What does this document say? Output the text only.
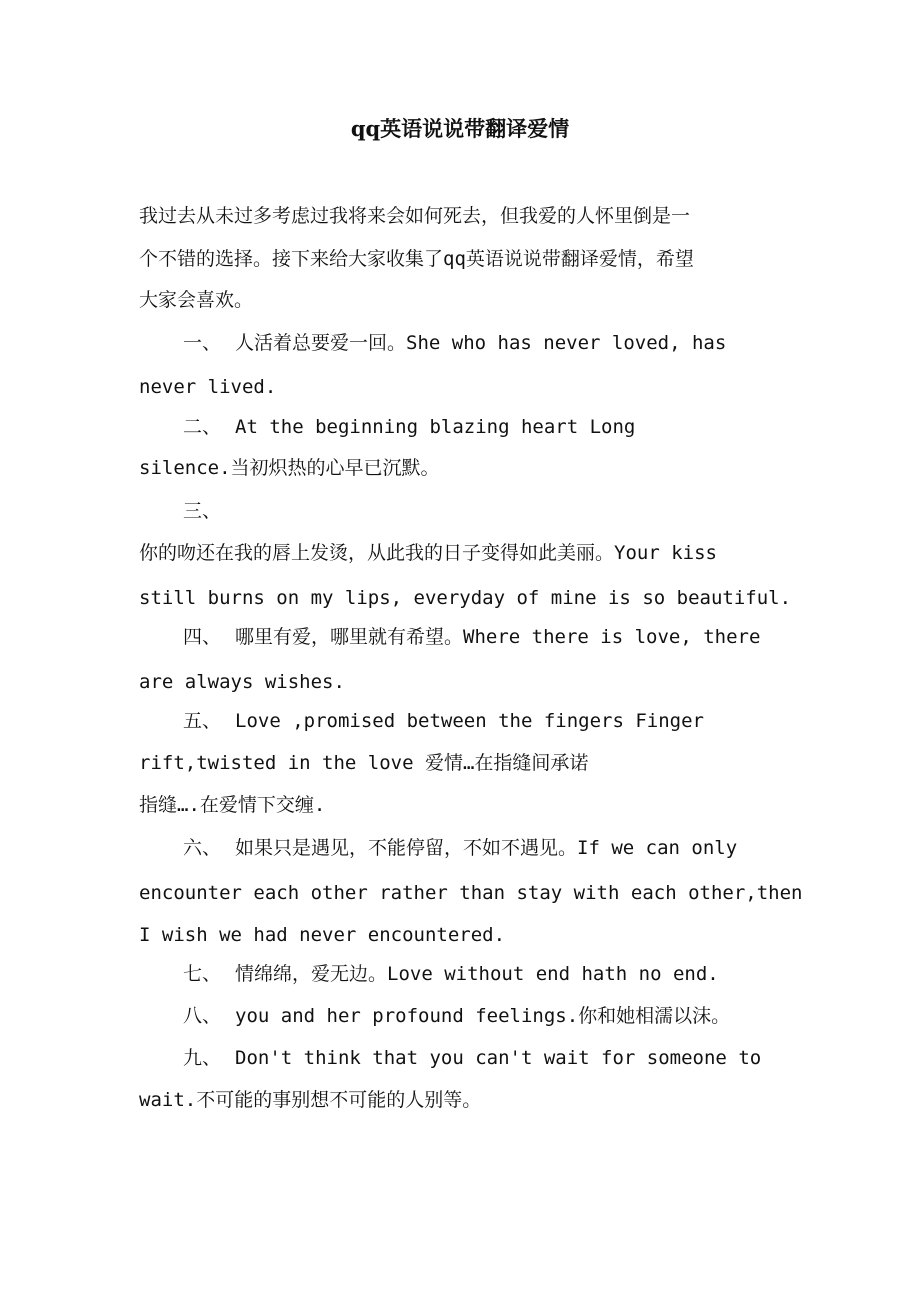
qq英语说说带翻译爱情
我过去从未过多考虑过我将来会如何死去，但我爱的人怀里倒是一
个不错的选择。接下来给大家收集了qq英语说说带翻译爱情，希望
大家会喜欢。
一、 人活着总要爱一回。She who has never loved, has
never lived.
二、 At the beginning blazing heart Long
silence.当初炽热的心早已沉默。
三、
你的吻还在我的唇上发烫，从此我的日子变得如此美丽。Your kiss
still burns on my lips, everyday of mine is so beautiful.
四、 哪里有爱，哪里就有希望。Where there is love, there
are always wishes.
五、 Love ,promised between the fingers Finger
rift,twisted in the love 爱情…在指缝间承诺
指缝….在爱情下交缠.
六、 如果只是遇见，不能停留，不如不遇见。If we can only
encounter each other rather than stay with each other,then
I wish we had never encountered.
七、 情绵绵，爱无边。Love without end hath no end.
八、 you and her profound feelings.你和她相濡以沫。
九、 Don't think that you can't wait for someone to
wait.不可能的事别想不可能的人别等。
